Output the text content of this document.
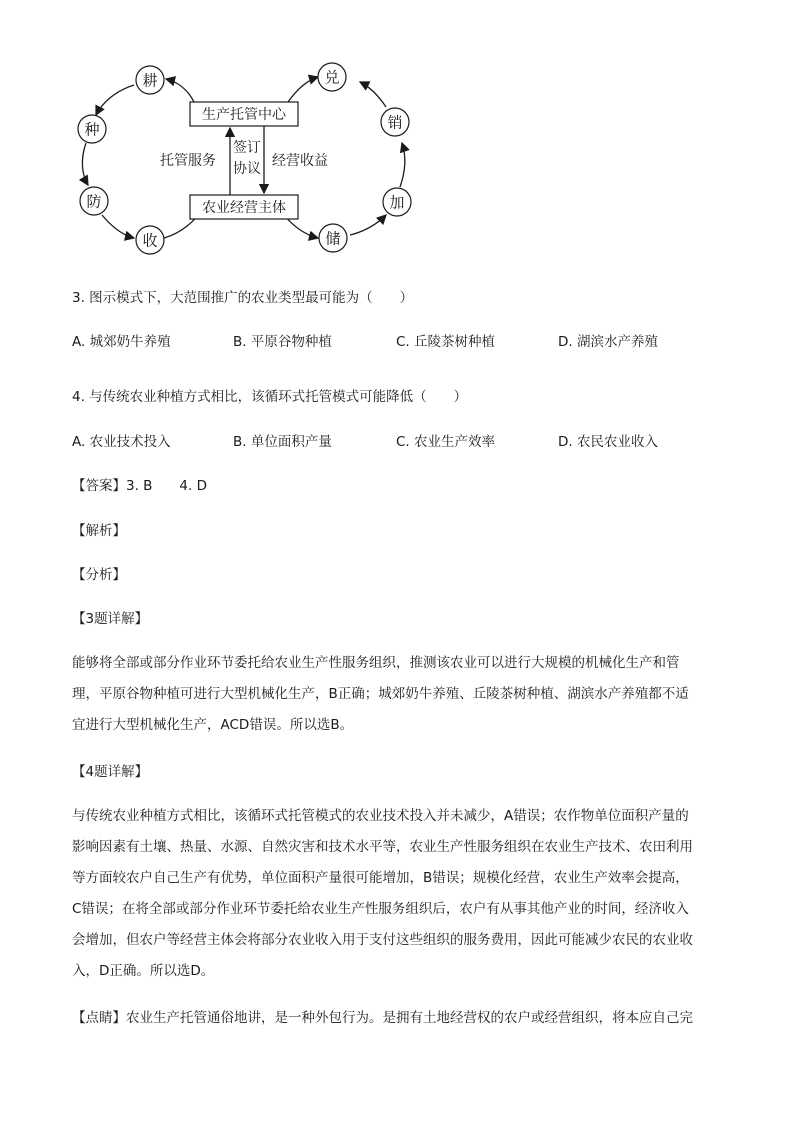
耕
种
防
收
兑
销
加
储
生产托管中心
农业经营主体
托管服务
签订
协议 经营收益
3. 图示模式下，大范围推广的农业类型最可能为（　　）
A. 城郊奶牛养殖	B. 平原谷物种植	C. 丘陵茶树种植	D. 湖滨水产养殖
4. 与传统农业种植方式相比，该循环式托管模式可能降低（　　）
A. 农业技术投入	B. 单位面积产量	C. 农业生产效率	D. 农民农业收入
【答案】3. B　　4. D
【解析】
【分析】
【3题详解】
能够将全部或部分作业环节委托给农业生产性服务组织，推测该农业可以进行大规模的机械化生产和管
理，平原谷物种植可进行大型机械化生产，B正确；城郊奶牛养殖、丘陵茶树种植、湖滨水产养殖都不适
宜进行大型机械化生产，ACD错误。所以选B。
【4题详解】
与传统农业种植方式相比，该循环式托管模式的农业技术投入并未减少，A错误；农作物单位面积产量的
影响因素有土壤、热量、水源、自然灾害和技术水平等，农业生产性服务组织在农业生产技术、农田利用
等方面较农户自己生产有优势，单位面积产量很可能增加，B错误；规模化经营，农业生产效率会提高，
C错误；在将全部或部分作业环节委托给农业生产性服务组织后，农户有从事其他产业的时间，经济收入
会增加，但农户等经营主体会将部分农业收入用于支付这些组织的服务费用，因此可能减少农民的农业收
入，D正确。所以选D。
【点睛】农业生产托管通俗地讲，是一种外包行为。是拥有土地经营权的农户或经营组织，将本应自己完
